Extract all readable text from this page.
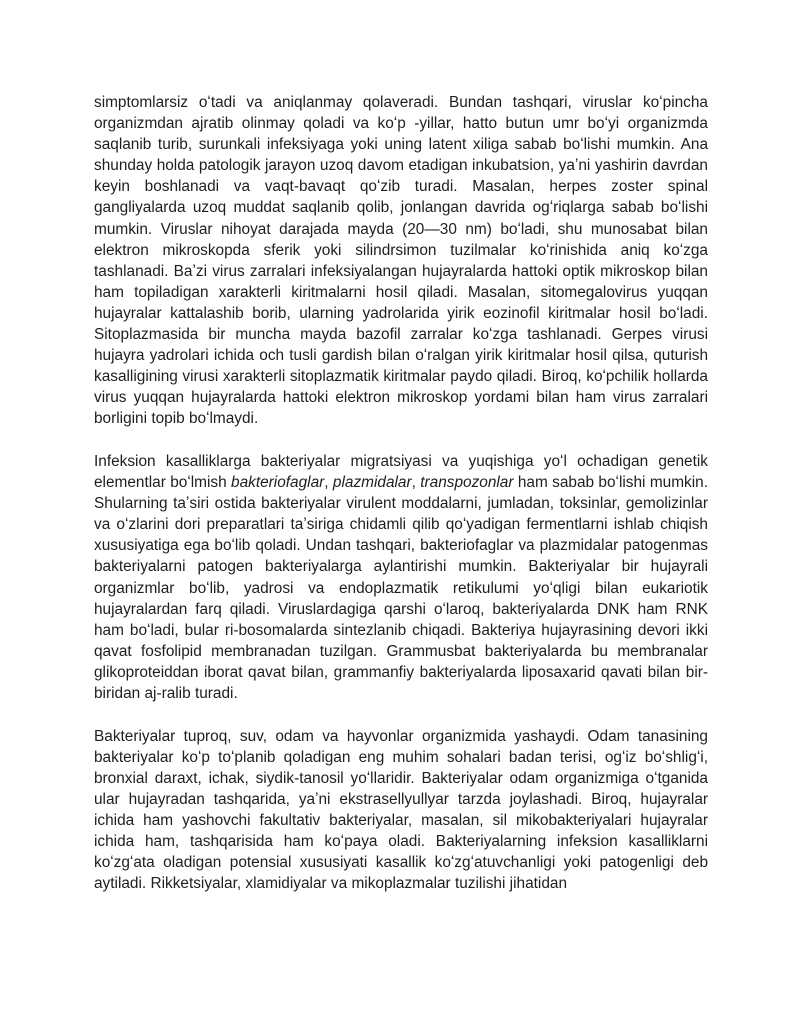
simptomlarsiz oʻtadi va aniqlanmay qolaveradi. Bundan tashqari, viruslar koʻpincha organizmdan ajratib olinmay qoladi va koʻp -yillar, hatto butun umr boʻyi organizmda saqlanib turib, surunkali infeksiyaga yoki uning latent xiliga sabab boʻlishi mumkin. Ana shunday holda patologik jarayon uzoq davom etadigan inkubatsion, yaʼni yashirin davrdan keyin boshlanadi va vaqt-bavaqt qoʻzib turadi. Masalan, herpes zoster spinal gangliyalarda uzoq muddat saqlanib qolib, jonlangan davrida ogʻriqlarga sabab boʻlishi mumkin. Viruslar nihoyat darajada mayda (20—30 nm) boʻladi, shu munosabat bilan elektron mikroskopda sferik yoki silindrsimon tuzilmalar koʻrinishida aniq koʻzga tashlanadi. Baʼzi virus zarralari infeksiyalangan hujayralarda hattoki optik mikroskop bilan ham topiladigan xarakterli kiritmalarni hosil qiladi. Masalan, sitomegalovirus yuqqan hujayralar kattalashib borib, ularning yadrolarida yirik eozinofil kiritmalar hosil boʻladi. Sitoplazmasida bir muncha mayda bazofil zarralar koʻzga tashlanadi. Gerpes virusi hujayra yadrolari ichida och tusli gardish bilan oʻralgan yirik kiritmalar hosil qilsa, quturish kasalligining virusi xarakterli sitoplazmatik kiritmalar paydo qiladi. Biroq, koʻpchilik hollarda virus yuqqan hujayralarda hattoki elektron mikroskop yordami bilan ham virus zarralari borligini topib boʻlmaydi.

Infeksion kasalliklarga bakteriyalar migratsiyasi va yuqishiga yoʻl ochadigan genetik elementlar boʻlmish bakteriofaglar, plazmidalar, transpozonlar ham sabab boʻlishi mumkin. Shularning taʼsiri ostida bakteriyalar virulent moddalarni, jumladan, toksinlar, gemolizinlar va oʻzlarini dori preparatlari taʼsiriga chidamli qilib qoʻyadigan fermentlarni ishlab chiqish xususiyatiga ega boʻlib qoladi. Undan tashqari, bakteriofaglar va plazmidalar patogenmas bakteriyalarni patogen bakteriyalarga aylantirishi mumkin. Bakteriyalar bir hujayrali organizmlar boʻlib, yadrosi va endoplazmatik retikulumi yoʻqligi bilan eukariotik hujayralardan farq qiladi. Viruslardagiga qarshi oʻlaroq, bakteriyalarda DNK ham RNK ham boʻladi, bular ri-bosomalarda sintezlanib chiqadi. Bakteriya hujayrasining devori ikki qavat fosfolipid membranadan tuzilgan. Grammusbat bakteriyalarda bu membranalar glikoproteiddan iborat qavat bilan, grammanfiy bakteriyalarda liposaxarid qavati bilan bir-biridan aj-ralib turadi.

Bakteriyalar tuproq, suv, odam va hayvonlar organizmida yashaydi. Odam tanasining bakteriyalar koʻp toʻplanib qoladigan eng muhim sohalari badan terisi, ogʻiz boʻshligʻi, bronxial daraxt, ichak, siydik-tanosil yoʻllaridir. Bakteriyalar odam organizmiga oʻtganida ular hujayradan tashqarida, yaʼni ekstrasellyullyar tarzda joylashadi. Biroq, hujayralar ichida ham yashovchi fakultativ bakteriyalar, masalan, sil mikobakteriyalari hujayralar ichida ham, tashqarisida ham koʻpaya oladi. Bakteriyalarning infeksion kasalliklarni koʻzgʻata oladigan potensial xususiyati kasallik koʻzgʻatuvchanligi yoki patogenligi deb aytiladi. Rikketsiyalar, xlamidiyalar va mikoplazmalar tuzilishi jihatidan
